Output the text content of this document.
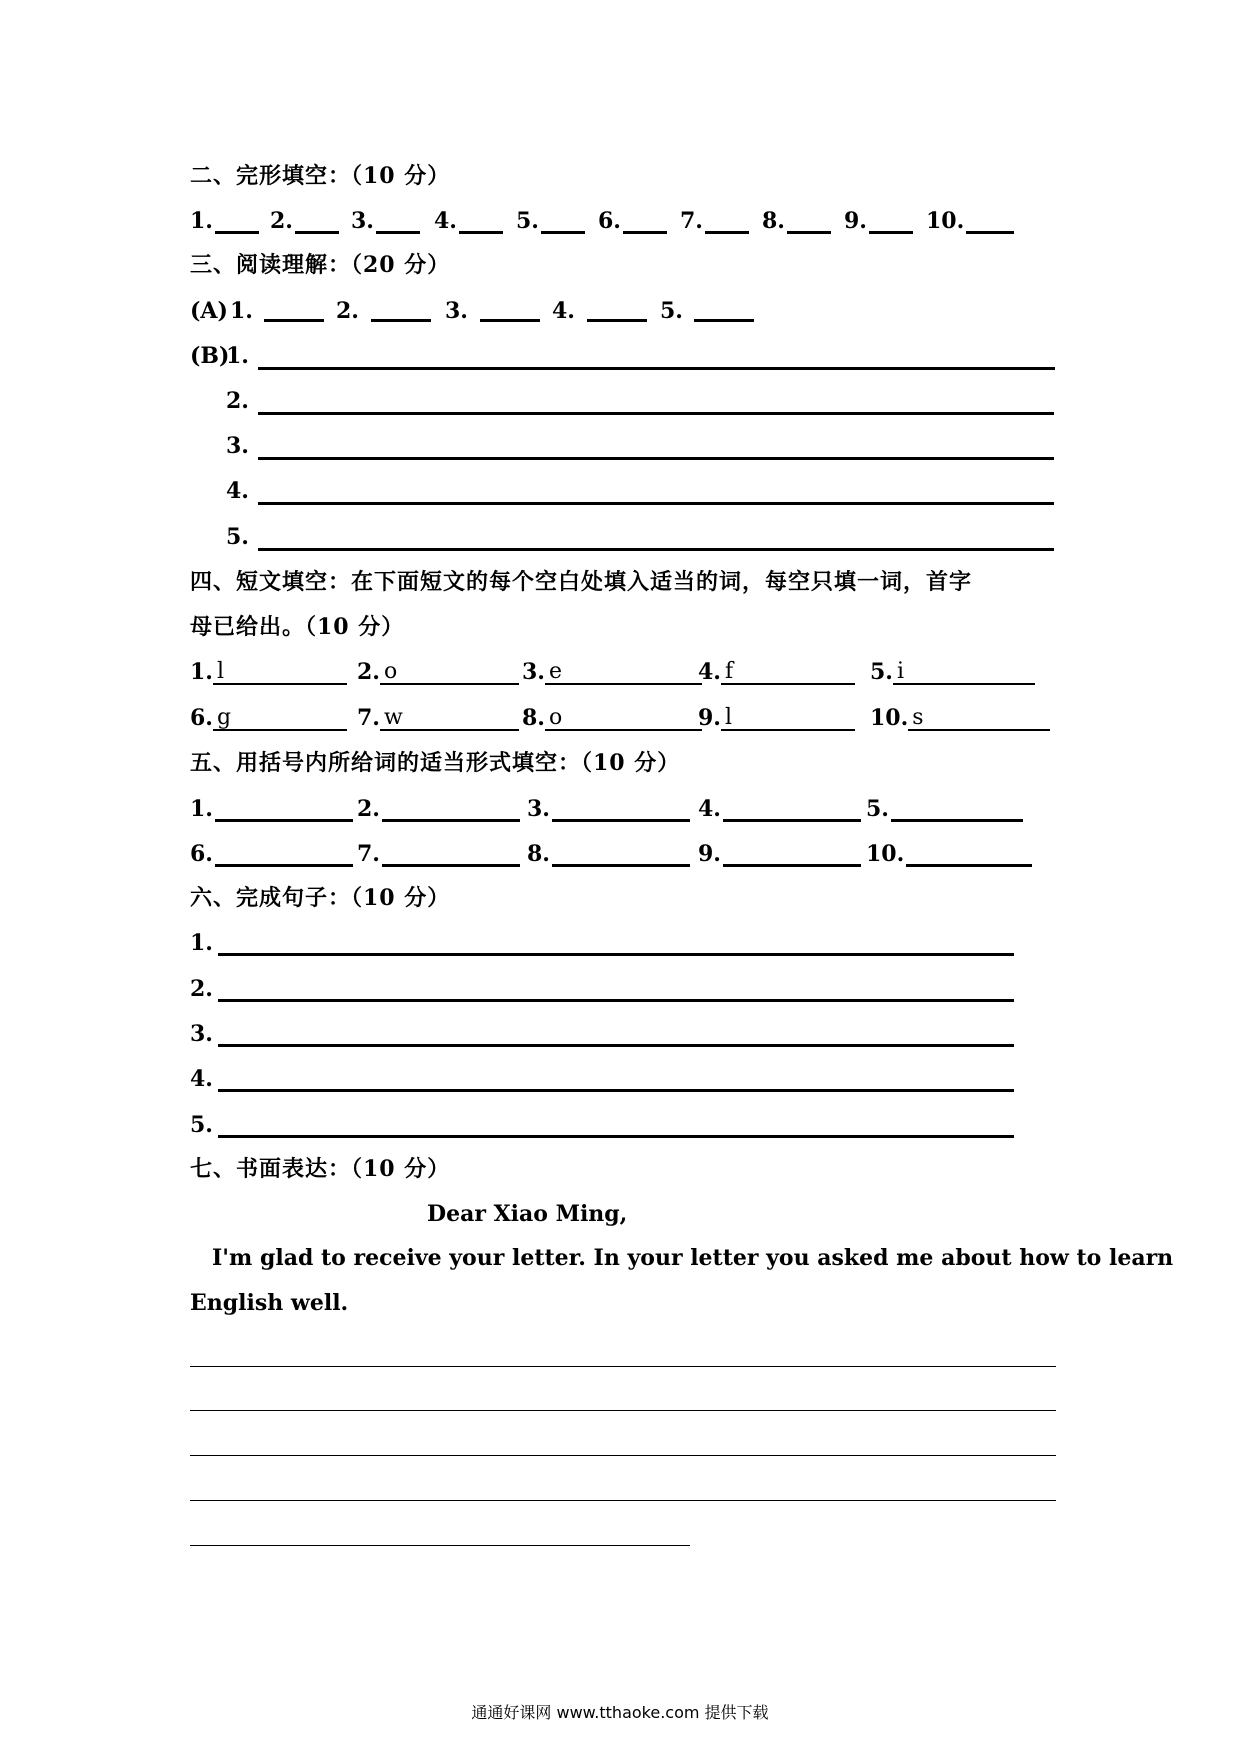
二、完形填空：（10 分）
1.	2.	3.	4.	5.	6.	7.	8.	9.	10.
三、阅读理解：（20 分）
(A) 1.	2.	3.	4.	5.
(B)
1.
2.
3.
4.
5.
四、短文填空：在下面短文的每个空白处填入适当的词，每空只填一词，首字
母已给出。（10 分）
1. l	2. o	3. e	4. f	5. i
6. g	7. w	8. o	9. l	10. s
五、用括号内所给词的适当形式填空：（10 分）
1.	2.	3.	4.	5.
6.	7.	8.	9.	10.
六、完成句子：（10 分）
1.
2.
3.
4.
5.
七、书面表达：（10 分）
Dear Xiao Ming,
I'm glad to receive your letter. In your letter you asked me about how to learn
English well.
通通好课网 www.tthaoke.com 提供下载
